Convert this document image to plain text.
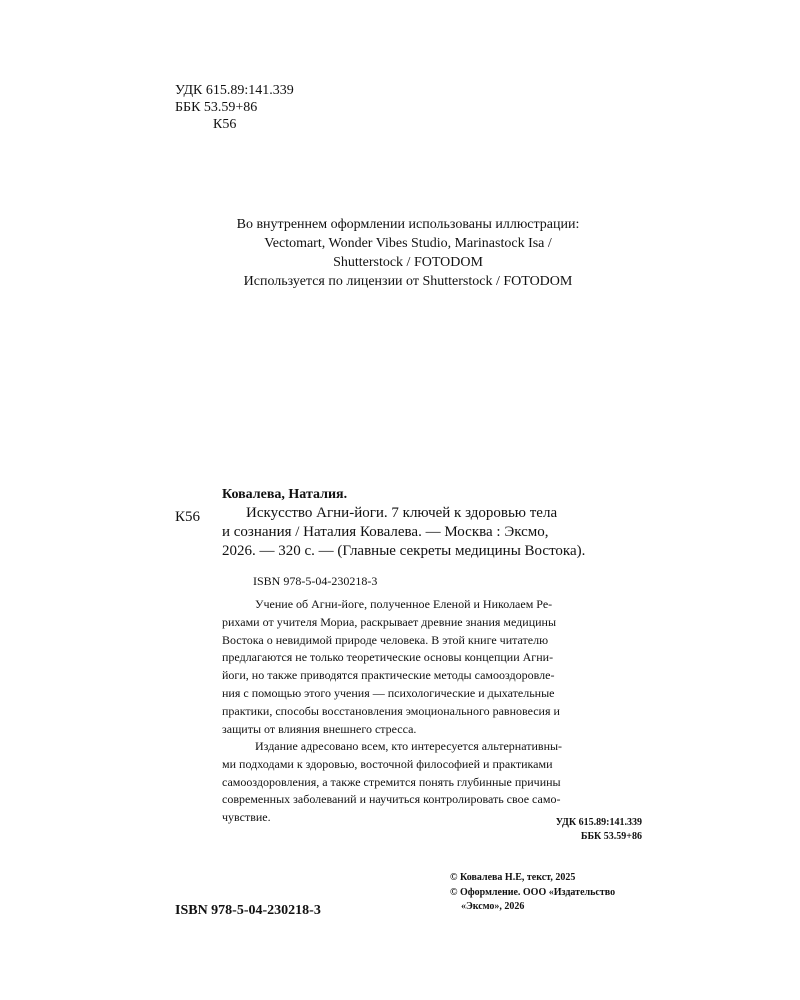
УДК 615.89:141.339
ББК 53.59+86
К56
Во внутреннем оформлении использованы иллюстрации:
Vectomart, Wonder Vibes Studio, Marinastock Isa /
Shutterstock / FOTODOM
Используется по лицензии от Shutterstock / FOTODOM
Ковалева, Наталия.
К56	Искусство Агни-йоги. 7 ключей к здоровью тела
и сознания / Наталия Ковалева. — Москва : Эксмо,
2026. — 320 с. — (Главные секреты медицины Востока).
ISBN 978-5-04-230218-3
Учение об Агни-йоге, полученное Еленой и Николаем Ре-
рихами от учителя Мориа, раскрывает древние знания медицины
Востока о невидимой природе человека. В этой книге читателю
предлагаются не только теоретические основы концепции Агни-
йоги, но также приводятся практические методы самооздоровле-
ния с помощью этого учения — психологические и дыхательные
практики, способы восстановления эмоционального равновесия и
защиты от влияния внешнего стресса.
Издание адресовано всем, кто интересуется альтернативны-
ми подходами к здоровью, восточной философией и практиками
самооздоровления, а также стремится понять глубинные причины
современных заболеваний и научиться контролировать свое само-
чувствие.	УДК 615.89:141.339
ББК 53.59+86
© Ковалева Н.Е, текст, 2025
© Оформление. ООО «Издательство
«Эксмо», 2026
ISBN 978-5-04-230218-3
